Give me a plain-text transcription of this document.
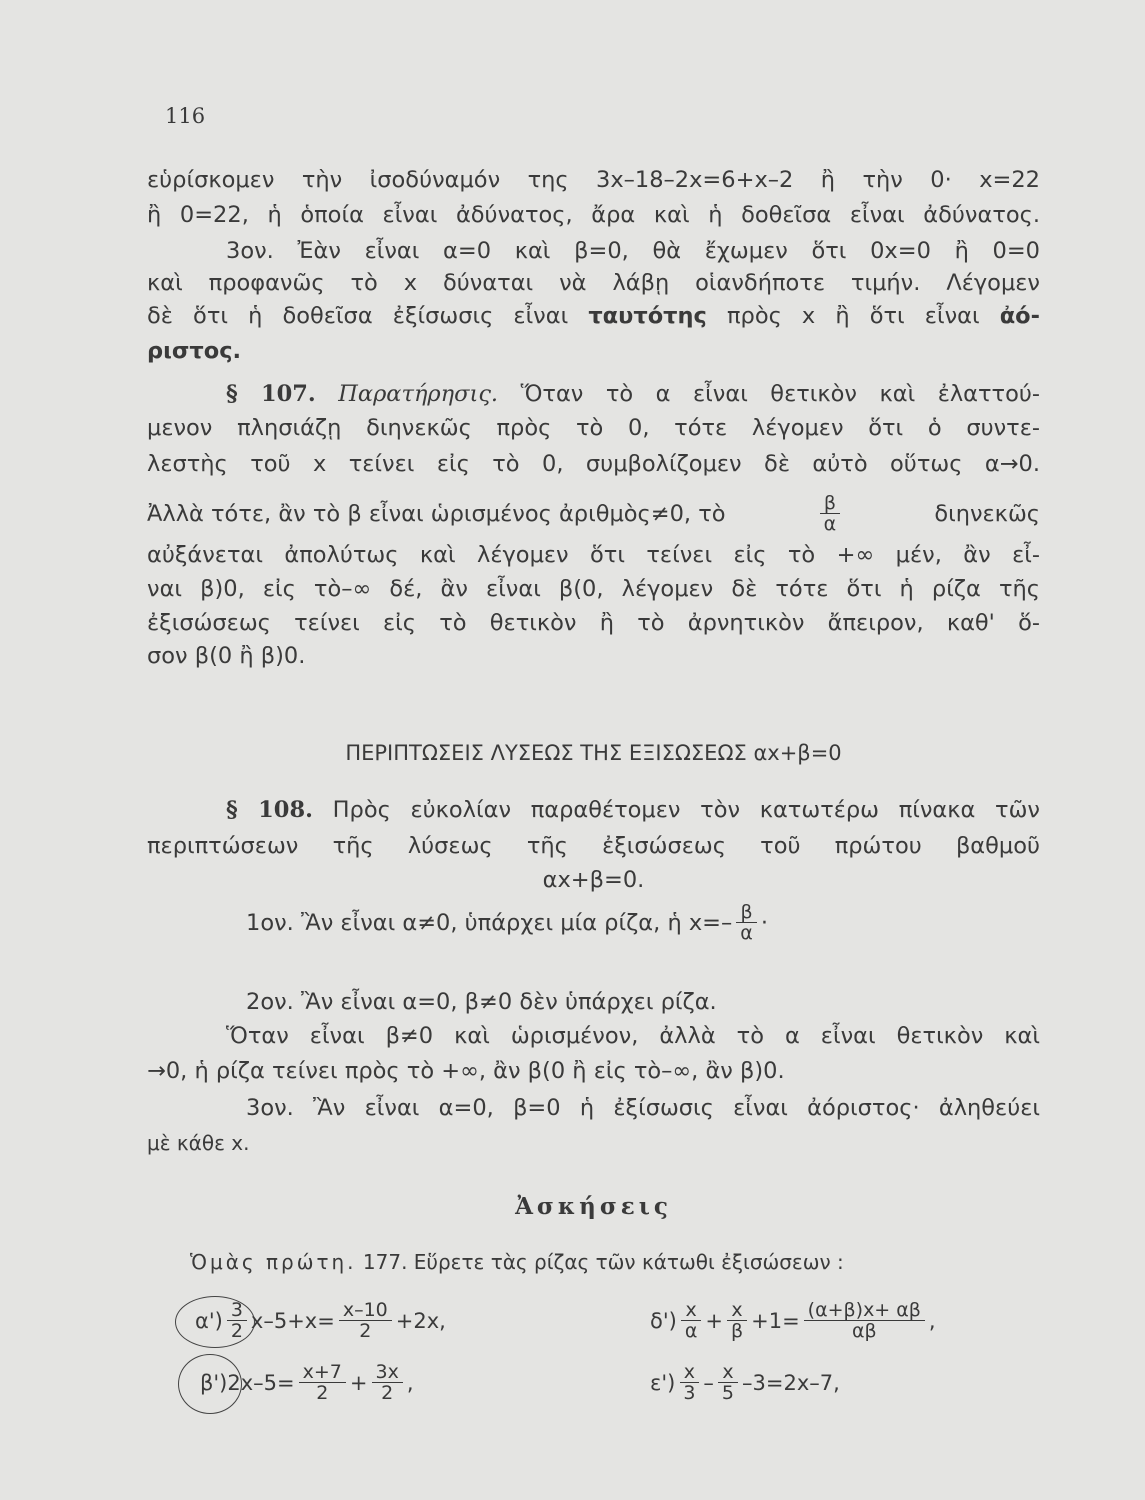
116
εὑρίσκομεν τὴν ἰσοδύναμόν της 3x–18–2x=6+x–2 ἢ τὴν 0· x=22
ἢ 0=22, ἡ ὁποία εἶναι ἀδύνατος, ἄρα καὶ ἡ δοθεῖσα εἶναι ἀδύνατος.
3ον. Ἐὰν εἶναι α=0 καὶ β=0, θὰ ἔχωμεν ὅτι 0x=0 ἢ 0=0
καὶ προφανῶς τὸ x δύναται νὰ λάβῃ οἱανδήποτε τιμήν. Λέγομεν
δὲ ὅτι ἡ δοθεῖσα ἐξίσωσις εἶναι ταυτότης πρὸς x ἢ ὅτι εἶναι ἀό-
ριστος.
§ 107. Παρατήρησις. Ὅταν τὸ α εἶναι θετικὸν καὶ ἐλαττού-
μενον πλησιάζῃ διηνεκῶς πρὸς τὸ 0, τότε λέγομεν ὅτι ὁ συντε-
λεστὴς τοῦ x τείνει εἰς τὸ 0, συμβολίζομεν δὲ αὐτὸ οὕτως α→0.
Ἀλλὰ τότε, ἂν τὸ β εἶναι ὡρισμένος ἀριθμὸς≠0, τὸ	$\frac{\beta}{\alpha}$	διηνεκῶς
αὐξάνεται ἀπολύτως καὶ λέγομεν ὅτι τείνει εἰς τὸ +∞ μέν, ἂν εἶ-
ναι β)0, εἰς τὸ–∞ δέ, ἂν εἶναι β(0, λέγομεν δὲ τότε ὅτι ἡ ρίζα τῆς
ἐξισώσεως τείνει εἰς τὸ θετικὸν ἢ τὸ ἀρνητικὸν ἄπειρον, καθ' ὅ-
σον β(0 ἢ β)0.
ΠΕΡΙΠΤΩΣΕΙΣ ΛΥΣΕΩΣ ΤΗΣ ΕΞΙΣΩΣΕΩΣ αx+β=0
§ 108. Πρὸς εὐκολίαν παραθέτομεν τὸν κατωτέρω πίνακα τῶν
περιπτώσεων τῆς λύσεως τῆς ἐξισώσεως τοῦ πρώτου βαθμοῦ
αx+β=0.
1ον. Ἂν εἶναι α≠0, ὑπάρχει μία ρίζα, ἡ $x=- \frac{\beta}{\alpha}$ ·
2ον. Ἂν εἶναι α=0, β≠0 δὲν ὑπάρχει ρίζα.
Ὅταν εἶναι β≠0 καὶ ὡρισμένον, ἀλλὰ τὸ α εἶναι θετικὸν καὶ
→0, ἡ ρίζα τείνει πρὸς τὸ +∞, ἂν β(0 ἢ εἰς τὸ–∞, ἂν β)0.
3ον. Ἂν εἶναι α=0, β=0 ἡ ἐξίσωσις εἶναι ἀόριστος· ἀληθεύει
μὲ κάθε x.
Ἀσκήσεις
Ὁμὰς πρώτη. 177. Εὕρετε τὰς ρίζας τῶν κάτωθι ἐξισώσεων :
$\alpha') \frac{3}{2} x-5+x= \frac{x-10}{2} +2x$,
β') $2x-5= \frac{x+7}{2} + \frac{3x}{2}$ ,
$\delta') \frac{x}{\alpha} + \frac{x}{\beta} +1= \frac{(\alpha+\beta)x+ \alpha\beta}{\alpha\beta}$ ,
$\varepsilon') \frac{x}{3} - \frac{x}{5} -3=2x-7$,
